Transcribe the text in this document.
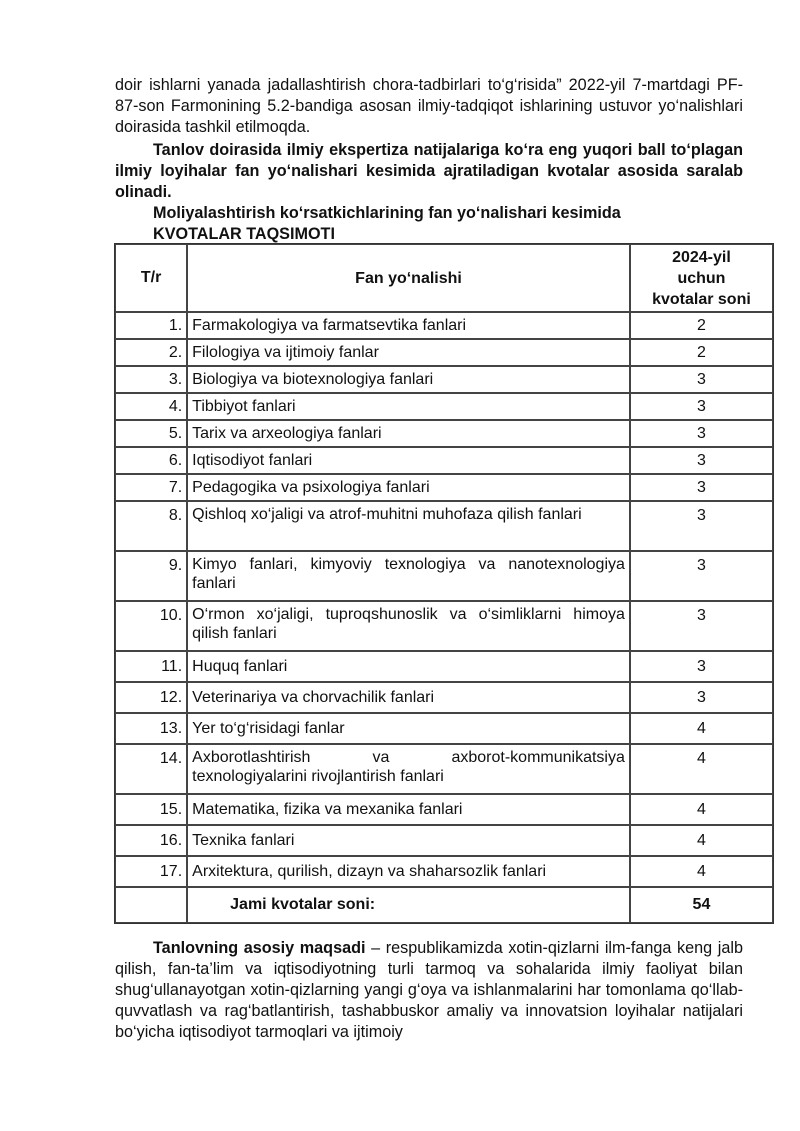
doir ishlarni yanada jadallashtirish chora-tadbirlari to‘g‘risida” 2022-yil 7-martdagi PF-87-son Farmonining 5.2-bandiga asosan ilmiy-tadqiqot ishlarining ustuvor yo‘nalishlari doirasida tashkil etilmoqda.

Tanlov doirasida ilmiy ekspertiza natijalariga ko‘ra eng yuqori ball to‘plagan ilmiy loyihalar fan yo‘nalishari kesimida ajratiladigan kvotalar asosida saralab olinadi.

Moliyalashtirish ko‘rsatkichlarining fan yo‘nalishari kesimida
KVOTALAR TAQSIMOTI
T/r	Fan yo‘nalishi	2024-yil
uchun
kvotalar soni

1.	Farmakologiya va farmatsevtika fanlari	2
2.	Filologiya va ijtimoiy fanlar	2
3.	Biologiya va biotexnologiya fanlari	3
4.	Tibbiyot fanlari	3
5.	Tarix va arxeologiya fanlari	3
6.	Iqtisodiyot fanlari	3
7.	Pedagogika va psixologiya fanlari	3
8.	Qishloq xo‘jaligi va atrof-muhitni muhofaza qilish fanlari	3
9.	Kimyo fanlari, kimyoviy texnologiya va nanotexnologiya fanlari	3
10.	O‘rmon xo‘jaligi, tuproqshunoslik va o‘simliklarni himoya qilish fanlari	3
11.	Huquq fanlari	3
12.	Veterinariya va chorvachilik fanlari	3
13.	Yer to‘g‘risidagi fanlar	4
14.	Axborotlashtirish va axborot-kommunikatsiya texnologiyalarini rivojlantirish fanlari	4
15.	Matematika, fizika va mexanika fanlari	4
16.	Texnika fanlari	4
17.	Arxitektura, qurilish, dizayn va shaharsozlik fanlari	4
	Jami kvotalar soni:	54

Tanlovning asosiy maqsadi – respublikamizda xotin-qizlarni ilm-fanga keng jalb qilish, fan-ta’lim va iqtisodiyotning turli tarmoq va sohalarida ilmiy faoliyat bilan shug‘ullanayotgan xotin-qizlarning yangi g‘oya va ishlanmalarini har tomonlama qo‘llab-quvvatlash va rag‘batlantirish, tashabbuskor amaliy va innovatsion loyihalar natijalari bo‘yicha iqtisodiyot tarmoqlari va ijtimoiy
